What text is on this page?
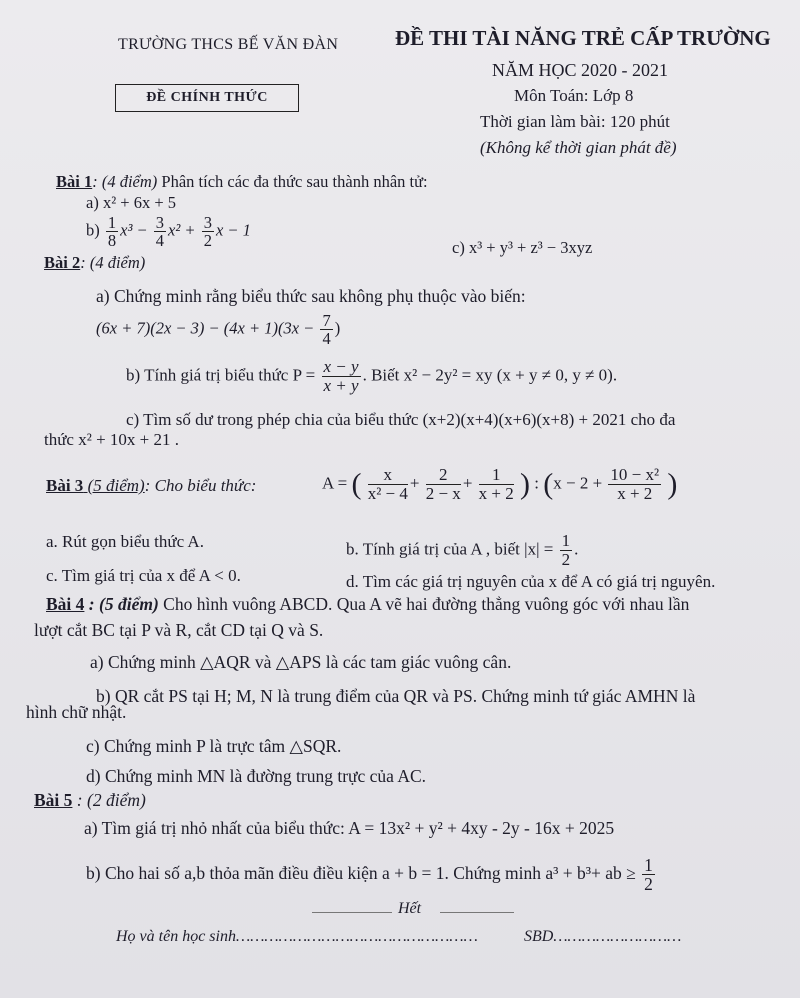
TRƯỜNG THCS BẾ VĂN ĐÀN	ĐỀ THI TÀI NĂNG TRẺ CẤP TRƯỜNG
NĂM HỌC 2020 - 2021
ĐỀ CHÍNH THỨC	Môn Toán: Lớp 8
Thời gian làm bài: 120 phút
(Không kể thời gian phát đề)
Bài 1: (4 điểm) Phân tích các đa thức sau thành nhân tử:
a) x² + 6x + 5
$b) \frac{1}{8} x^3 - \frac{3}{4} x^2 + \frac{3}{2}$ x − 1
c) x³ + y³ + z³ − 3xyz
Bài 2: (4 điểm)
a) Chứng minh rằng biểu thức sau không phụ thuộc vào biến:
$(6x + 7)(2x - 3) - (4x + 1)(3x - \frac{7}{4}$ )
b) Tính giá trị biểu thức $P = \frac{x - y}{x + y}$ . Biết x² − 2y² = xy (x + y ≠ 0, y ≠ 0).
c) Tìm số dư trong phép chia của biểu thức (x+2)(x+4)(x+6)(x+8) + 2021 cho đa
thức x² + 10x + 21 .
Bài 3 (5 điểm): Cho biểu thức:	A = ( $\frac{x}{\text{x² − 4}} + \frac{2}{2 - x} + \frac{1}{x + 2}$ ) : ($x - 2 + \frac{\text{10 − x²}}{x + 2}$ )
a. Rút gọn biểu thức A.	b. Tính giá trị của A , biết $|x| = \frac{1}{2}$ .
c. Tìm giá trị của x để A < 0.	d. Tìm các giá trị nguyên của x để A có giá trị nguyên.
Bài 4 : (5 điểm) Cho hình vuông ABCD. Qua A vẽ hai đường thẳng vuông góc với nhau lần
lượt cắt BC tại P và R, cắt CD tại Q và S.
a) Chứng minh △AQR và △APS là các tam giác vuông cân.
b) QR cắt PS tại H; M, N là trung điểm của QR và PS. Chứng minh tứ giác AMHN là
hình chữ nhật.
c) Chứng minh P là trực tâm △SQR.
d) Chứng minh MN là đường trung trực của AC.
Bài 5 : (2 điểm)
a) Tìm giá trị nhỏ nhất của biểu thức: A = 13x² + y² + 4xy - 2y - 16x + 2025
b) Cho hai số a,b thỏa mãn điều điều kiện a + b = 1. Chứng minh a³ + b³+ ab ≥ $\frac{1}{2}$
Hết
Họ và tên học sinh……………………………………………	SBD………………………
